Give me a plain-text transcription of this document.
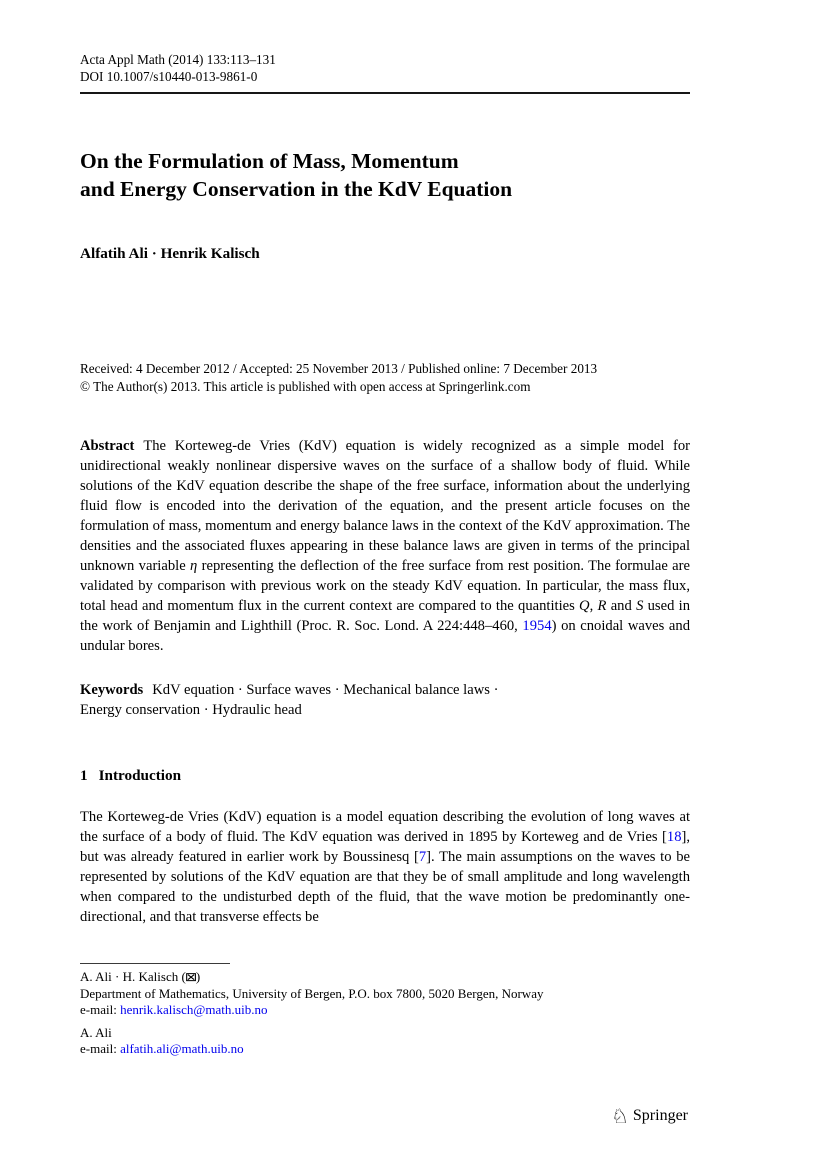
Acta Appl Math (2014) 133:113–131
DOI 10.1007/s10440-013-9861-0
On the Formulation of Mass, Momentum
and Energy Conservation in the KdV Equation
Alfatih Ali · Henrik Kalisch
Received: 4 December 2012 / Accepted: 25 November 2013 / Published online: 7 December 2013
© The Author(s) 2013. This article is published with open access at Springerlink.com

Abstract The Korteweg-de Vries (KdV) equation is widely recognized as a simple model for unidirectional weakly nonlinear dispersive waves on the surface of a shallow body of fluid. While solutions of the KdV equation describe the shape of the free surface, information about the underlying fluid flow is encoded into the derivation of the equation, and the present article focuses on the formulation of mass, momentum and energy balance laws in the context of the KdV approximation. The densities and the associated fluxes appearing in these balance laws are given in terms of the principal unknown variable η representing the deflection of the free surface from rest position. The formulae are validated by comparison with previous work on the steady KdV equation. In particular, the mass flux, total head and momentum flux in the current context are compared to the quantities Q, R and S used in the work of Benjamin and Lighthill (Proc. R. Soc. Lond. A 224:448–460, 1954) on cnoidal waves and undular bores.

Keywords KdV equation · Surface waves · Mechanical balance laws ·
Energy conservation · Hydraulic head

1 Introduction

The Korteweg-de Vries (KdV) equation is a model equation describing the evolution of long waves at the surface of a body of fluid. The KdV equation was derived in 1895 by Korteweg and de Vries [18], but was already featured in earlier work by Boussinesq [7]. The main assumptions on the waves to be represented by solutions of the KdV equation are that they be of small amplitude and long wavelength when compared to the undisturbed depth of the fluid, that the wave motion be predominantly one-directional, and that transverse effects be

A. Ali · H. Kalisch (⊠)
Department of Mathematics, University of Bergen, P.O. box 7800, 5020 Bergen, Norway
e-mail: henrik.kalisch@math.uib.no
A. Ali
e-mail: alfatih.ali@math.uib.no
♘ Springer
